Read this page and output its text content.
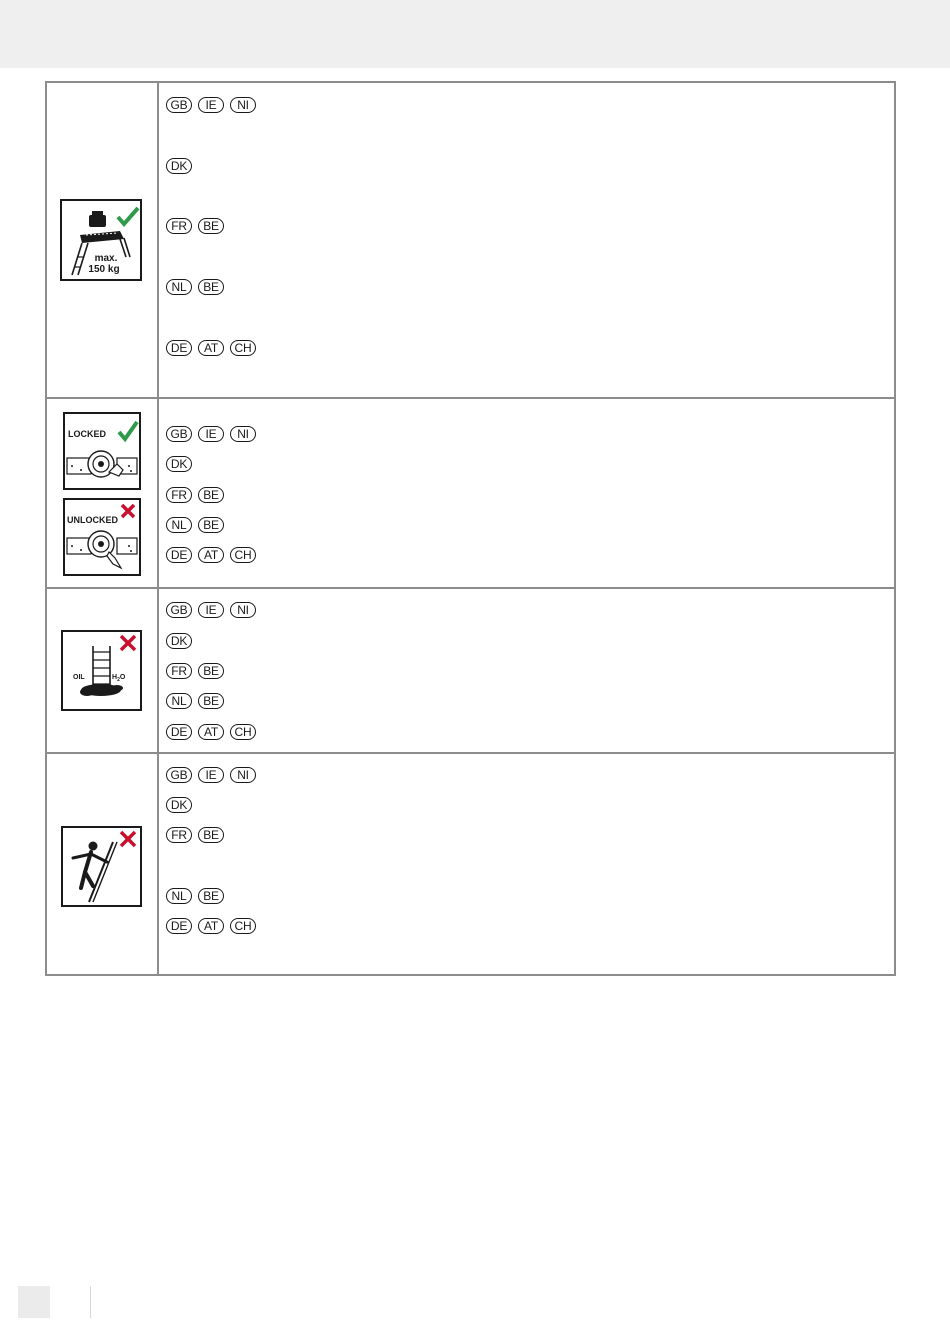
max.
150 kg
GB	IE	NI
DK
FR	BE
NL	BE
DE	AT	CH
LOCKED
UNLOCKED
GB	IE	NI
DK
FR	BE
NL	BE
DE	AT	CH
OIL	$H_2O$
GB	IE	NI
DK
FR	BE
NL	BE
DE	AT	CH
GB	IE	NI
DK
FR	BE
NL	BE
DE	AT	CH
